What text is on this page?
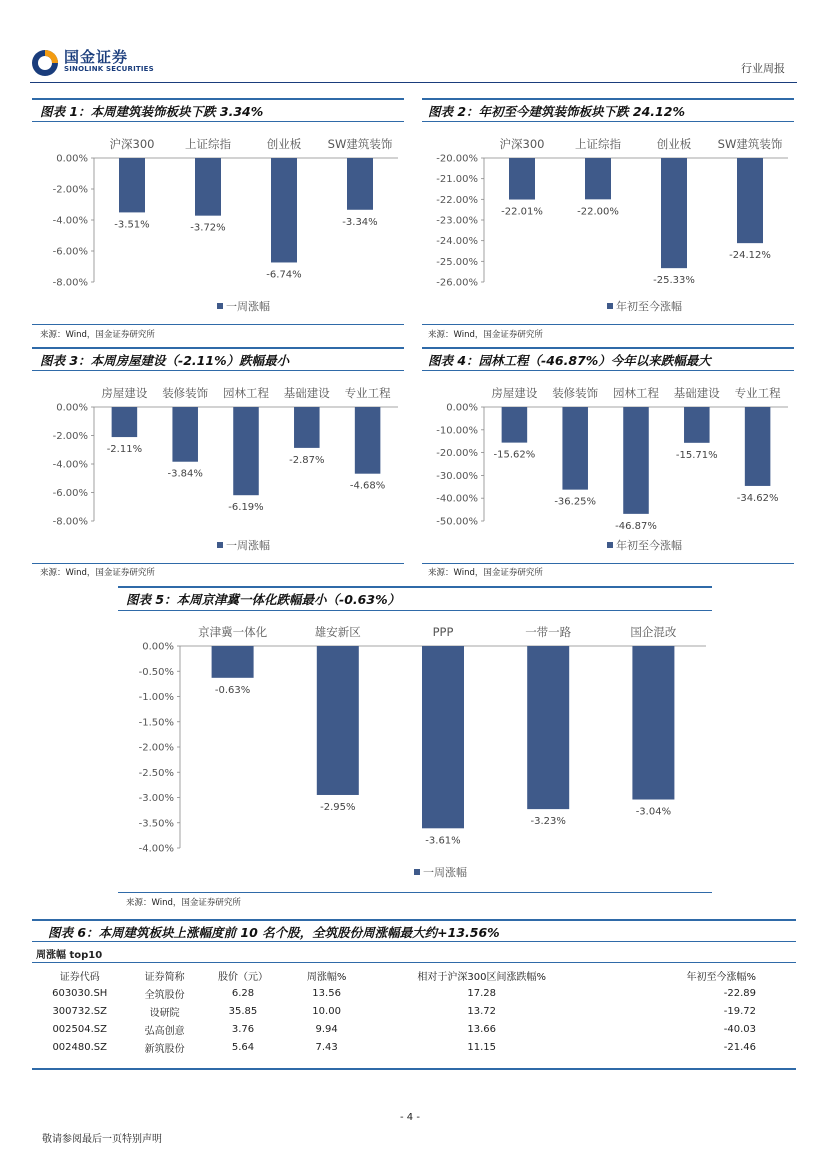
国金证券
SINOLINK SECURITIES	行业周报
图表 1：本周建筑装饰板块下跌 3.34%
0.00%
-2.00%
-4.00%
-6.00%
-8.00%
沪深300
-3.51%
上证综指
-3.72%
创业板
-6.74%
SW建筑装饰
-3.34%
一周涨幅
来源：Wind，国金证券研究所
图表 2：年初至今建筑装饰板块下跌 24.12%
-20.00%
-21.00%
-22.00%
-23.00%
-24.00%
-25.00%
-26.00%
沪深300
-22.01%
上证综指
-22.00%
创业板
-25.33%
SW建筑装饰
-24.12%
年初至今涨幅
来源：Wind，国金证券研究所
图表 3：本周房屋建设（-2.11%）跌幅最小
0.00%
-2.00%
-4.00%
-6.00%
-8.00%
房屋建设
-2.11%
装修装饰
-3.84%
园林工程
-6.19%
基础建设
-2.87%
专业工程
-4.68%
一周涨幅
来源：Wind，国金证券研究所
图表 4：园林工程（-46.87%）今年以来跌幅最大
0.00%
-10.00%
-20.00%
-30.00%
-40.00%
-50.00%
房屋建设
-15.62%
装修装饰
-36.25%
园林工程
-46.87%
基础建设
-15.71%
专业工程
-34.62%
年初至今涨幅
来源：Wind，国金证券研究所
图表 5：本周京津冀一体化跌幅最小（-0.63%）
0.00%
-0.50%
-1.00%
-1.50%
-2.00%
-2.50%
-3.00%
-3.50%
-4.00%
京津冀一体化
-0.63%
雄安新区
-2.95%
PPP
-3.61%
一带一路
-3.23%
国企混改
-3.04%
一周涨幅
来源：Wind，国金证券研究所
图表 6：本周建筑板块上涨幅度前 10 名个股，全筑股份周涨幅最大约+13.56%
周涨幅 top10
证券代码	证券简称	股价（元）	周涨幅%	相对于沪深300区间涨跌幅%	年初至今涨幅%
603030.SH	全筑股份	6.28	13.56	17.28	-22.89
300732.SZ	设研院	35.85	10.00	13.72	-19.72
002504.SZ	弘高创意	3.76	9.94	13.66	-40.03
002480.SZ	新筑股份	5.64	7.43	11.15	-21.46
- 4 -
敬请参阅最后一页特别声明
